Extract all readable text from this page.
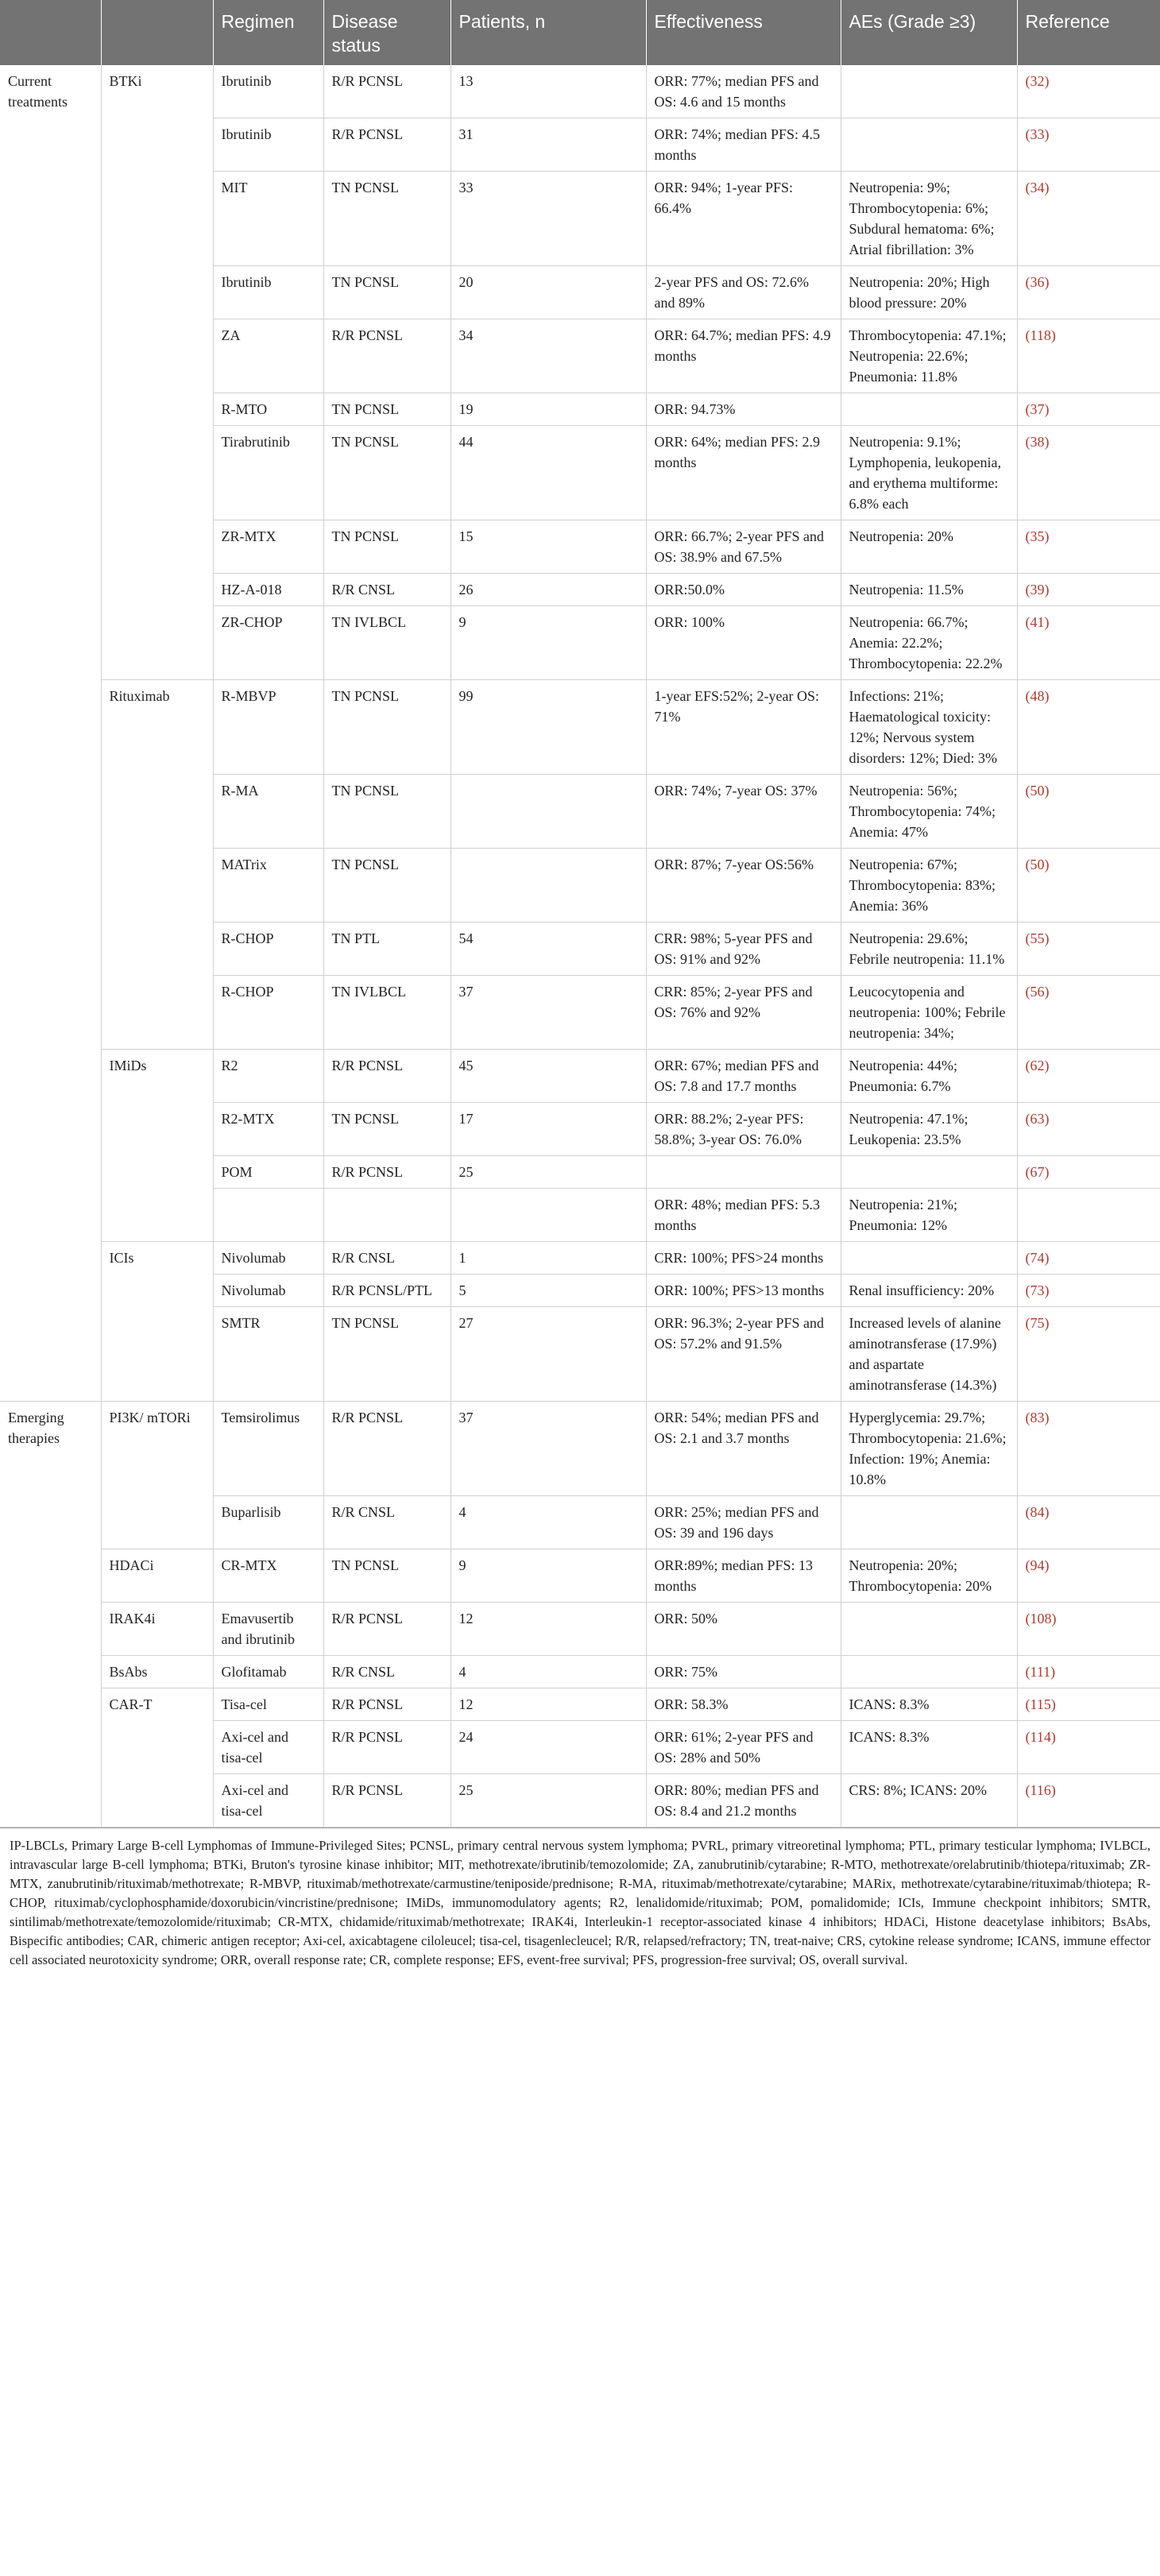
		Regimen	Disease status	Patients, n	Effectiveness	AEs (Grade ≥3)	Reference
Current treatments	BTKi	Ibrutinib	R/R PCNSL	13	ORR: 77%; median PFS and OS: 4.6 and 15 months		(32)
		Ibrutinib	R/R PCNSL	31	ORR: 74%; median PFS: 4.5 months		(33)
		MIT	TN PCNSL	33	ORR: 94%; 1-year PFS: 66.4%	Neutropenia: 9%; Thrombocytopenia: 6%; Subdural hematoma: 6%; Atrial fibrillation: 3%	(34)
		Ibrutinib	TN PCNSL	20	2-year PFS and OS: 72.6% and 89%	Neutropenia: 20%; High blood pressure: 20%	(36)
		ZA	R/R PCNSL	34	ORR: 64.7%; median PFS: 4.9 months	Thrombocytopenia: 47.1%; Neutropenia: 22.6%; Pneumonia: 11.8%	(118)
		R-MTO	TN PCNSL	19	ORR: 94.73%		(37)
		Tirabrutinib	TN PCNSL	44	ORR: 64%; median PFS: 2.9 months	Neutropenia: 9.1%; Lymphopenia, leukopenia, and erythema multiforme: 6.8% each	(38)
		ZR-MTX	TN PCNSL	15	ORR: 66.7%; 2-year PFS and OS: 38.9% and 67.5%	Neutropenia: 20%	(35)
		HZ-A-018	R/R CNSL	26	ORR:50.0%	Neutropenia: 11.5%	(39)
		ZR-CHOP	TN IVLBCL	9	ORR: 100%	Neutropenia: 66.7%; Anemia: 22.2%; Thrombocytopenia: 22.2%	(41)
	Rituximab	R-MBVP	TN PCNSL	99	1-year EFS:52%; 2-year OS: 71%	Infections: 21%; Haematological toxicity: 12%; Nervous system disorders: 12%; Died: 3%	(48)
		R-MA	TN PCNSL		ORR: 74%; 7-year OS: 37%	Neutropenia: 56%; Thrombocytopenia: 74%; Anemia: 47%	(50)
		MATrix	TN PCNSL		ORR: 87%; 7-year OS:56%	Neutropenia: 67%; Thrombocytopenia: 83%; Anemia: 36%	(50)
		R-CHOP	TN PTL	54	CRR: 98%; 5-year PFS and OS: 91% and 92%	Neutropenia: 29.6%; Febrile neutropenia: 11.1%	(55)
		R-CHOP	TN IVLBCL	37	CRR: 85%; 2-year PFS and OS: 76% and 92%	Leucocytopenia and neutropenia: 100%; Febrile neutropenia: 34%;	(56)
	IMiDs	R2	R/R PCNSL	45	ORR: 67%; median PFS and OS: 7.8 and 17.7 months	Neutropenia: 44%; Pneumonia: 6.7%	(62)
		R2-MTX	TN PCNSL	17	ORR: 88.2%; 2-year PFS: 58.8%; 3-year OS: 76.0%	Neutropenia: 47.1%; Leukopenia: 23.5%	(63)
		POM	R/R PCNSL	25			(67)
					ORR: 48%; median PFS: 5.3 months	Neutropenia: 21%; Pneumonia: 12%	
	ICIs	Nivolumab	R/R CNSL	1	CRR: 100%; PFS>24 months		(74)
		Nivolumab	R/R PCNSL/PTL	5	ORR: 100%; PFS>13 months	Renal insufficiency: 20%	(73)
		SMTR	TN PCNSL	27	ORR: 96.3%; 2-year PFS and OS: 57.2% and 91.5%	Increased levels of alanine aminotransferase (17.9%) and aspartate aminotransferase (14.3%)	(75)
Emerging therapies	PI3K/ mTORi	Temsirolimus	R/R PCNSL	37	ORR: 54%; median PFS and OS: 2.1 and 3.7 months	Hyperglycemia: 29.7%; Thrombocytopenia: 21.6%; Infection: 19%; Anemia: 10.8%	(83)
		Buparlisib	R/R CNSL	4	ORR: 25%; median PFS and OS: 39 and 196 days		(84)
	HDACi	CR-MTX	TN PCNSL	9	ORR:89%; median PFS: 13 months	Neutropenia: 20%; Thrombocytopenia: 20%	(94)
	IRAK4i	Emavusertib and ibrutinib	R/R PCNSL	12	ORR: 50%		(108)
	BsAbs	Glofitamab	R/R CNSL	4	ORR: 75%		(111)
	CAR-T	Tisa-cel	R/R PCNSL	12	ORR: 58.3%	ICANS: 8.3%	(115)
		Axi-cel and tisa-cel	R/R PCNSL	24	ORR: 61%; 2-year PFS and OS: 28% and 50%	ICANS: 8.3%	(114)
		Axi-cel and tisa-cel	R/R PCNSL	25	ORR: 80%; median PFS and OS: 8.4 and 21.2 months	CRS: 8%; ICANS: 20%	(116)
IP-LBCLs, Primary Large B-cell Lymphomas of Immune-Privileged Sites; PCNSL, primary central nervous system lymphoma; PVRL, primary vitreoretinal lymphoma; PTL, primary testicular lymphoma; IVLBCL, intravascular large B-cell lymphoma; BTKi, Bruton's tyrosine kinase inhibitor; MIT, methotrexate/ibrutinib/temozolomide; ZA, zanubrutinib/cytarabine; R-MTO, methotrexate/orelabrutinib/thiotepa/rituximab; ZR-MTX, zanubrutinib/rituximab/methotrexate; R-MBVP, rituximab/methotrexate/carmustine/teniposide/prednisone; R-MA, rituximab/methotrexate/cytarabine; MARix, methotrexate/cytarabine/rituximab/thiotepa; R-CHOP, rituximab/cyclophosphamide/doxorubicin/vincristine/prednisone; IMiDs, immunomodulatory agents; R2, lenalidomide/rituximab; POM, pomalidomide; ICIs, Immune checkpoint inhibitors; SMTR, sintilimab/methotrexate/temozolomide/rituximab; CR-MTX, chidamide/rituximab/methotrexate; IRAK4i, Interleukin-1 receptor-associated kinase 4 inhibitors; HDACi, Histone deacetylase inhibitors; BsAbs, Bispecific antibodies; CAR, chimeric antigen receptor; Axi-cel, axicabtagene ciloleucel; tisa-cel, tisagenlecleucel; R/R, relapsed/refractory; TN, treat-naive; CRS, cytokine release syndrome; ICANS, immune effector cell associated neurotoxicity syndrome; ORR, overall response rate; CR, complete response; EFS, event-free survival; PFS, progression-free survival; OS, overall survival.
